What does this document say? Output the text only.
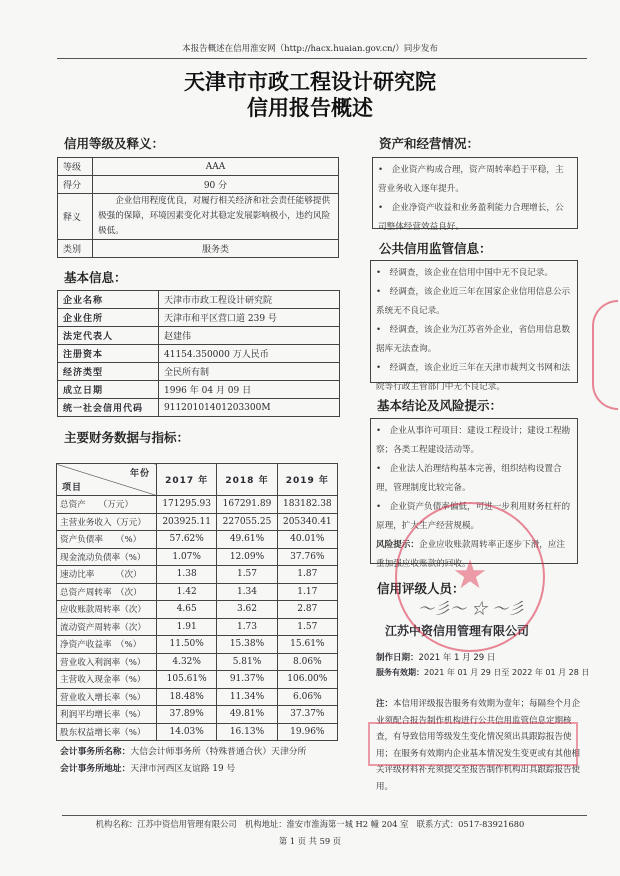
本报告概述在信用淮安网（http://hacx.huaian.gov.cn/）同步发布
天津市市政工程设计研究院
信用报告概述
信用等级及释义：
等级	AAA
得分	90 分
释义	企业信用程度优良，对履行相关经济和社会责任能够提供极强的保障，环境因素变化对其稳定发展影响极小，违约风险极低。
类别	服务类
基本信息：
企业名称	天津市市政工程设计研究院
企业住所	天津市和平区营口道 239 号
法定代表人	赵建伟
注册资本	41154.350000 万人民币
经济类型	全民所有制
成立日期	1996 年 04 月 09 日
统一社会信用代码	91120101401203300M
主要财务数据与指标：
年份
项目	2017 年	2018 年	2019 年
总资产　　（万元）	171295.93	167291.89	183182.38
主营业务收入（万元）	203925.11	227055.25	205340.41
资产负债率　　（%）	57.62%	49.61%	40.01%
现金流动负债率（%）	1.07%	12.09%	37.76%
速动比率　　　（次）	1.38	1.57	1.87
总资产周转率　（次）	1.42	1.34	1.17
应收账款周转率（次）	4.65	3.62	2.87
流动资产周转率（次）	1.91	1.73	1.57
净资产收益率　（%）	11.50%	15.38%	15.61%
营业收入利润率（%）	4.32%	5.81%	8.06%
主营收入现金率（%）	105.61%	91.37%	106.00%
营业收入增长率（%）	18.48%	11.34%	6.06%
利润平均增长率（%）	37.89%	49.81%	37.37%
股东权益增长率（%）	14.03%	16.13%	19.96%
会计事务所名称：大信会计师事务所（特殊普通合伙）天津分所
会计事务所地址：天津市河西区友谊路 19 号
资产和经营情况：

•　企业资产构成合理，资产周转率趋于平稳，主营业务收入逐年提升。

•　企业净资产收益和业务盈利能力合理增长，公司整体经营效益良好。

公共信用监管信息：

•　经调查，该企业在信用中国中无不良记录。

•　经调查，该企业近三年在国家企业信用信息公示系统无不良记录。

•　经调查，该企业为江苏省外企业，省信用信息数据库无法查询。

•　经调查，该企业近三年在天津市裁判文书网和法院等行政主管部门中无不良记录。

基本结论及风险提示：

•　企业从事许可项目：建设工程设计；建设工程勘察；各类工程建设活动等。

•　企业法人治理结构基本完善，组织结构设置合理，管理制度比较完备。

•　企业资产负债率偏低，可进一步利用财务杠杆的原理，扩大生产经营规模。

风险提示：企业应收账款周转率正逐步下滑，应注重加强应收账款的回收。

信用评级人员：
〜彡〜 ☆ 〜彡
江苏中资信用管理有限公司
制作日期：2021 年 1 月 29 日
服务有效期：2021 年 01 月 29 日至 2022 年 01 月 28 日
注：本信用评级报告服务有效期为壹年；每隔叁个月企业须配合报告制作机构进行公共信用监管信息定期核查，有导致信用等级发生变化情况须出具跟踪报告使用；在服务有效期内企业基本情况发生变更或有其他相关评级材料补充须提交至报告制作机构出具跟踪报告使用。
★
机构名称：江苏中资信用管理有限公司　机构地址：淮安市淮海第一城 H2 幢 204 室　联系方式：0517-83921680
第 1 页 共 59 页
